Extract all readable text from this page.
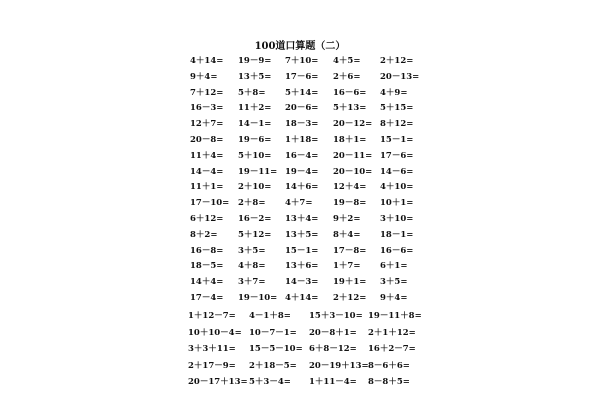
100道口算题（二）
4＋14= 19－9= 7＋10= 4＋5= 2＋12=
9＋4= 13＋5= 17－6= 2＋6= 20－13=
7＋12= 5＋8= 5＋14= 16－6= 4＋9=
16－3= 11＋2= 20－6= 5＋13= 5＋15=
12＋7= 14－1= 18－3= 20－12= 8＋12=
20－8= 19－6= 1＋18= 18＋1= 15－1=
11＋4= 5＋10= 16－4= 20－11= 17－6=
14－4= 19－11= 19－4= 20－10= 14－6=
11＋1= 2＋10= 14＋6= 12＋4= 4＋10=
17－10= 2＋8= 4＋7= 19－8= 10＋1=
6＋12= 16－2= 13＋4= 9＋2= 3＋10=
8＋2= 5＋12= 13＋5= 8＋4= 18－1=
16－8= 3＋5= 15－1= 17－8= 16－6=
18－5= 4＋8= 13＋6= 1＋7= 6＋1=
14＋4= 3＋7= 14－3= 19＋1= 3＋5=
17－4= 19－10= 4＋14= 2＋12= 9＋4=
1＋12－7= 4－1＋8= 15＋3－10= 19－11＋8=
10＋10－4= 10－7－1= 20－8＋1= 2＋1＋12=
3＋3＋11= 15－5－10= 6＋8－12= 16＋2－7=
2＋17－9= 2＋18－5= 20－19＋13= 8－6＋6=
20－17＋13= 5＋3－4= 1＋11－4= 8－8＋5=
